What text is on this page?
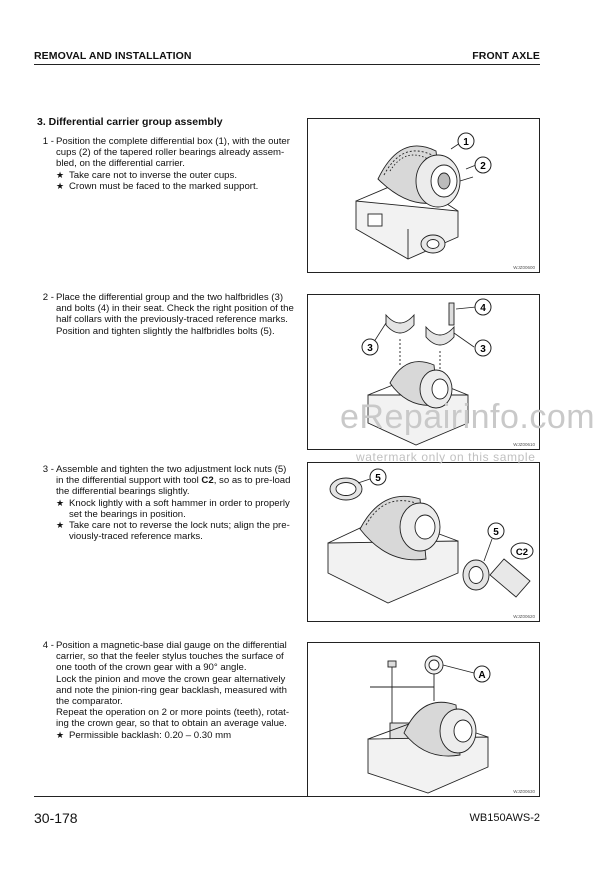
REMOVAL AND INSTALLATION	FRONT AXLE
3. Differential carrier group assembly
1 - Position the complete differential box (1), with the outer
cups (2) of the tapered roller bearings already assem-
bled, on the differential carrier.
★ Take care not to inverse the outer cups.
★ Crown must be faced to the marked support.
2 - Place the differential group and the two halfbridles (3)
and bolts (4) in their seat. Check the right position of the
half collars with the previously-traced reference marks.
Position and tighten slightly the halfbridles bolts (5).
3 - Assemble and tighten the two adjustment lock nuts (5)
in the differential support with tool C2, so as to pre-load
the differential bearings slightly.
★ Knock lightly with a soft hammer in order to properly
set the bearings in position.
★ Take care not to reverse the lock nuts; align the pre-
viously-traced reference marks.
4 - Position a magnetic-base dial gauge on the differential
carrier, so that the feeler stylus touches the surface of
one tooth of the crown gear with a 90° angle.
Lock the pinion and move the crown gear alternatively
and note the pinion-ring gear backlash, measured with
the comparator.
Repeat the operation on 2 or more points (teeth), rotat-
ing the crown gear, so that to obtain an average value.
★ Permissible backlash: 0.20 – 0.30 mm
1
2
WJZ00600
4
3	3
WJZ00610
5
5
C2
WJZ00620
A
WJZ00630
eRepairinfo.com
watermark only on this sample
30-178	WB150AWS-2
